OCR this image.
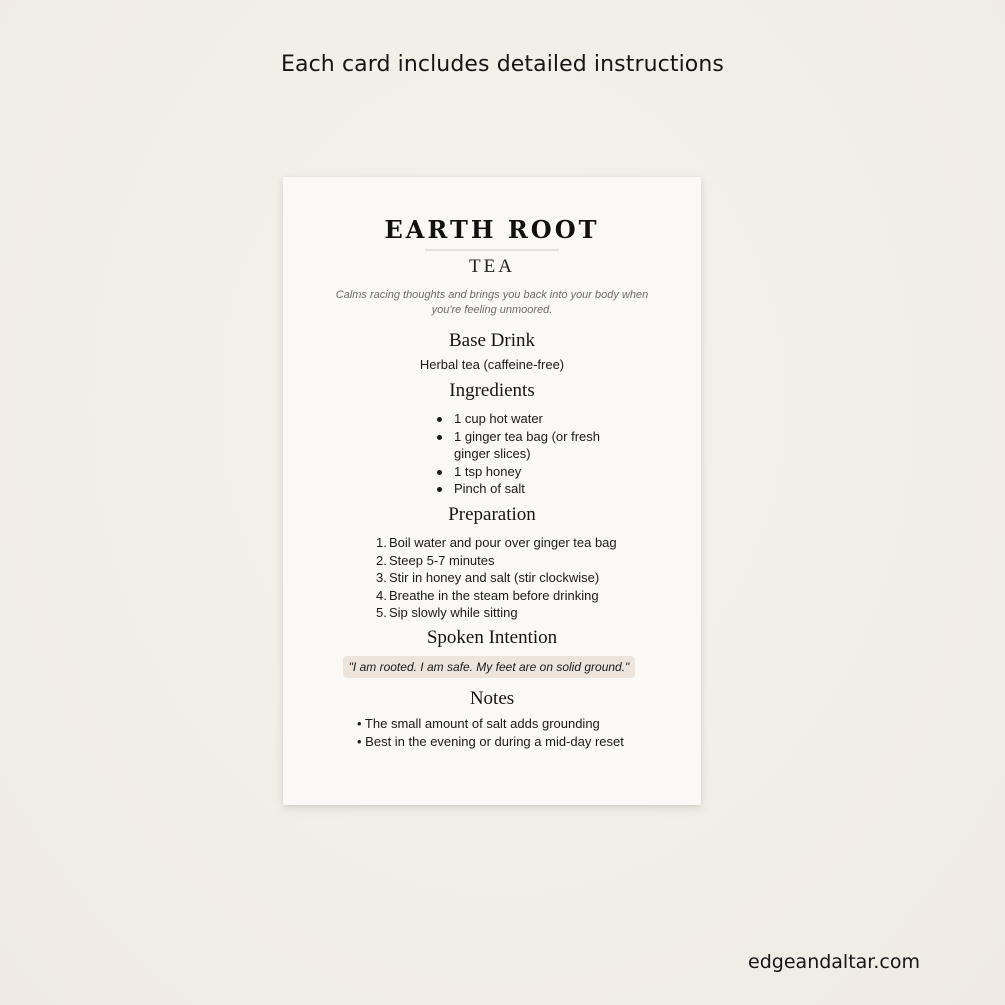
Each card includes detailed instructions
EARTH ROOT
TEA
Calms racing thoughts and brings you back into your body when you're feeling unmoored.
Base Drink
Herbal tea (caffeine-free)
Ingredients
1 cup hot water
1 ginger tea bag (or fresh ginger slices)
1 tsp honey
Pinch of salt
Preparation
1. Boil water and pour over ginger tea bag
2. Steep 5-7 minutes
3. Stir in honey and salt (stir clockwise)
4. Breathe in the steam before drinking
5. Sip slowly while sitting
Spoken Intention
"I am rooted. I am safe. My feet are on solid ground."
Notes
• The small amount of salt adds grounding
• Best in the evening or during a mid-day reset
edgeandaltar.com
